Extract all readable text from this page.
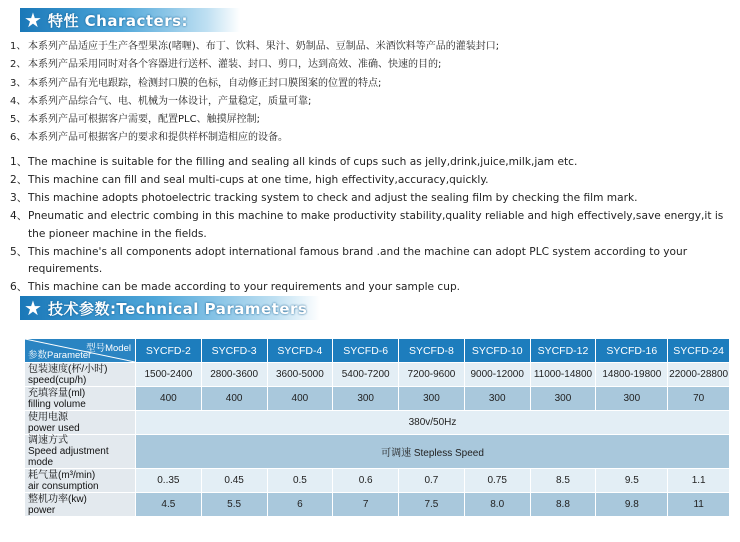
★ 特性 Characters:
1、 本系列产品适应于生产各型果冻(啫喱)、布丁、饮料、果汁、奶制品、豆制品、米酒饮料等产品的灌装封口;
2、 本系列产品采用同时对各个容器进行送杯、灌装、封口、剪口，达到高效、准确、快速的目的;
3、 本系列产品有光电跟踪，检测封口膜的色标，自动修正封口膜图案的位置的特点;
4、 本系列产品综合气、电、机械为一体设计，产量稳定，质量可靠;
5、 本系列产品可根据客户需要，配置PLC、触摸屏控制;
6、 本系列产品可根据客户的要求和提供样杯制造相应的设备。
1、 The machine is suitable for the filling and sealing all kinds of cups such as jelly,drink,juice,milk,jam etc.
2、 This machine can fill and seal multi-cups at one time, high effectivity,accuracy,quickly.
3、 This machine adopts photoelectric tracking system to check and adjust the sealing film by checking the film mark.
4、 Pneumatic and electric combing in this machine to make productivity stability,quality reliable and high effectively,save energy,it is the pioneer machine in the fields.
5、 This machine's all components adopt international famous brand .and the machine can adopt PLC system according to your requirements.
6、 This machine can be made according to your requirements and your sample cup.
★ 技术参数:Technical Parameters
型号Model
参数Parameter	SYCFD-2	SYCFD-3	SYCFD-4	SYCFD-6	SYCFD-8	SYCFD-10	SYCFD-12	SYCFD-16	SYCFD-24

包装速度(杯/小时)
speed(cup/h)	1500-2400	2800-3600	3600-5000	5400-7200	7200-9600	9000-12000	11000-14800	14800-19800	22000-28800

充填容量(ml)
filling volume	400	400	400	300	300	300	300	300	70

使用电源
power used	380v/50Hz								

调速方式
Speed adjustment mode	可调速 Stepless Speed								

耗气量(m³/min)
air consumption	0..35	0.45	0.5	0.6	0.7	0.75	8.5	9.5	1.1

整机功率(kw)
power	4.5	5.5	6	7	7.5	8.0	8.8	9.8	11
